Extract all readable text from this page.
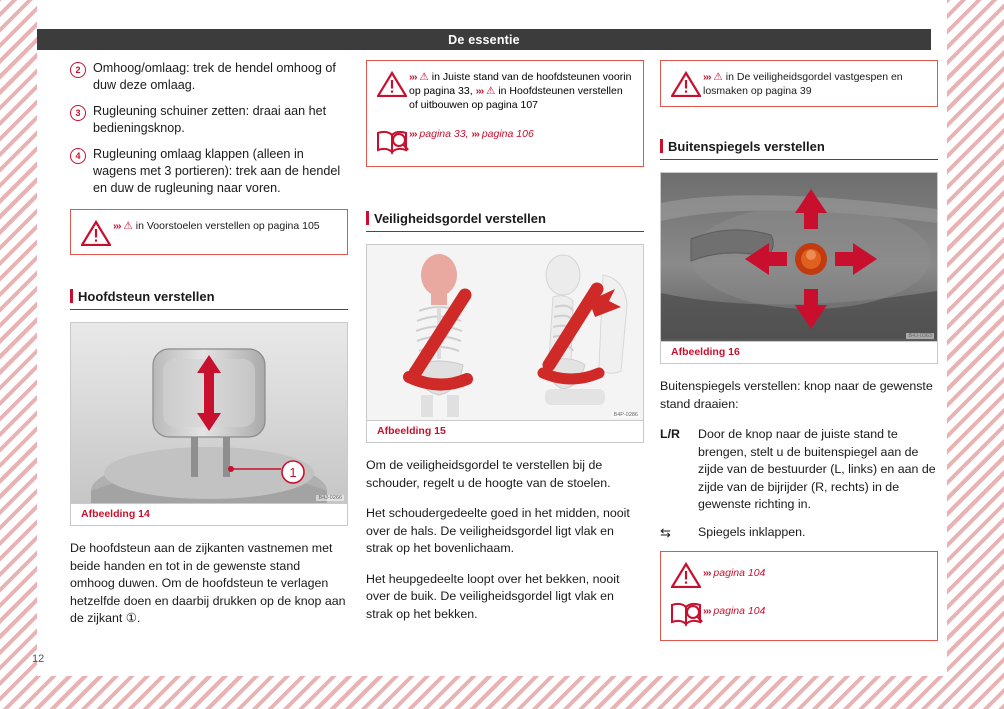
De essentie
12
2 Omhoog/omlaag: trek de hendel omhoog of duw deze omlaag.
3 Rugleuning schuiner zetten: draai aan het bedieningsknop.
4 Rugleuning omlaag klappen (alleen in wagens met 3 portieren): trek aan de hendel en duw de rugleuning naar voren.
››› ⚠ in Voorstoelen verstellen op pagina 105
Hoofdsteun verstellen
1
B4J-0266
Afbeelding 14

De hoofdsteun aan de zijkanten vastnemen met beide handen en tot in de gewenste stand omhoog duwen. Om de hoofdsteun te verlagen hetzelfde doen en daarbij drukken op de knop aan de zijkant ①.

››› ⚠ in Juiste stand van de hoofdsteunen voorin op pagina 33, ››› ⚠ in Hoofdsteunen verstellen of uitbouwen op pagina 107
››› pagina 33, ››› pagina 106
Veiligheidsgordel verstellen
B4P-0286
Afbeelding 15

Om de veiligheidsgordel te verstellen bij de schouder, regelt u de hoogte van de stoelen.

Het schoudergedeelte goed in het midden, nooit over de hals. De veiligheidsgordel ligt vlak en strak op het bovenlichaam.

Het heupgedeelte loopt over het bekken, nooit over de buik. De veiligheidsgordel ligt vlak en strak op het bekken.

››› ⚠ in De veiligheidsgordel vastgespen en losmaken op pagina 39
Buitenspiegels verstellen
B4J-0363
Afbeelding 16

Buitenspiegels verstellen: knop naar de gewenste stand draaien:

L/R	Door de knop naar de juiste stand te brengen, stelt u de buitenspiegel aan de zijde van de bestuurder (L, links) en aan de zijde van de bijrijder (R, rechts) in de gewenste richting in.
⇆	Spiegels inklappen.
››› pagina 104
››› pagina 104
